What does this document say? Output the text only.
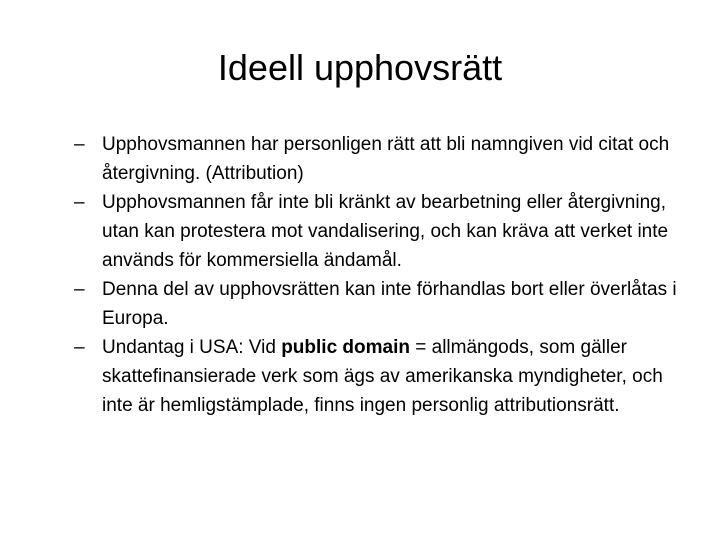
Ideell upphovsrätt
– Upphovsmannen har personligen rätt att bli namngiven vid citat och återgivning. (Attribution)
– Upphovsmannen får inte bli kränkt av bearbetning eller återgivning, utan kan protestera mot vandalisering, och kan kräva att verket inte används för kommersiella ändamål.
– Denna del av upphovsrätten kan inte förhandlas bort eller överlåtas i Europa.
– Undantag i USA: Vid public domain = allmängods, som gäller skattefinansierade verk som ägs av amerikanska myndigheter, och inte är hemligstämplade, finns ingen personlig attributionsrätt.
